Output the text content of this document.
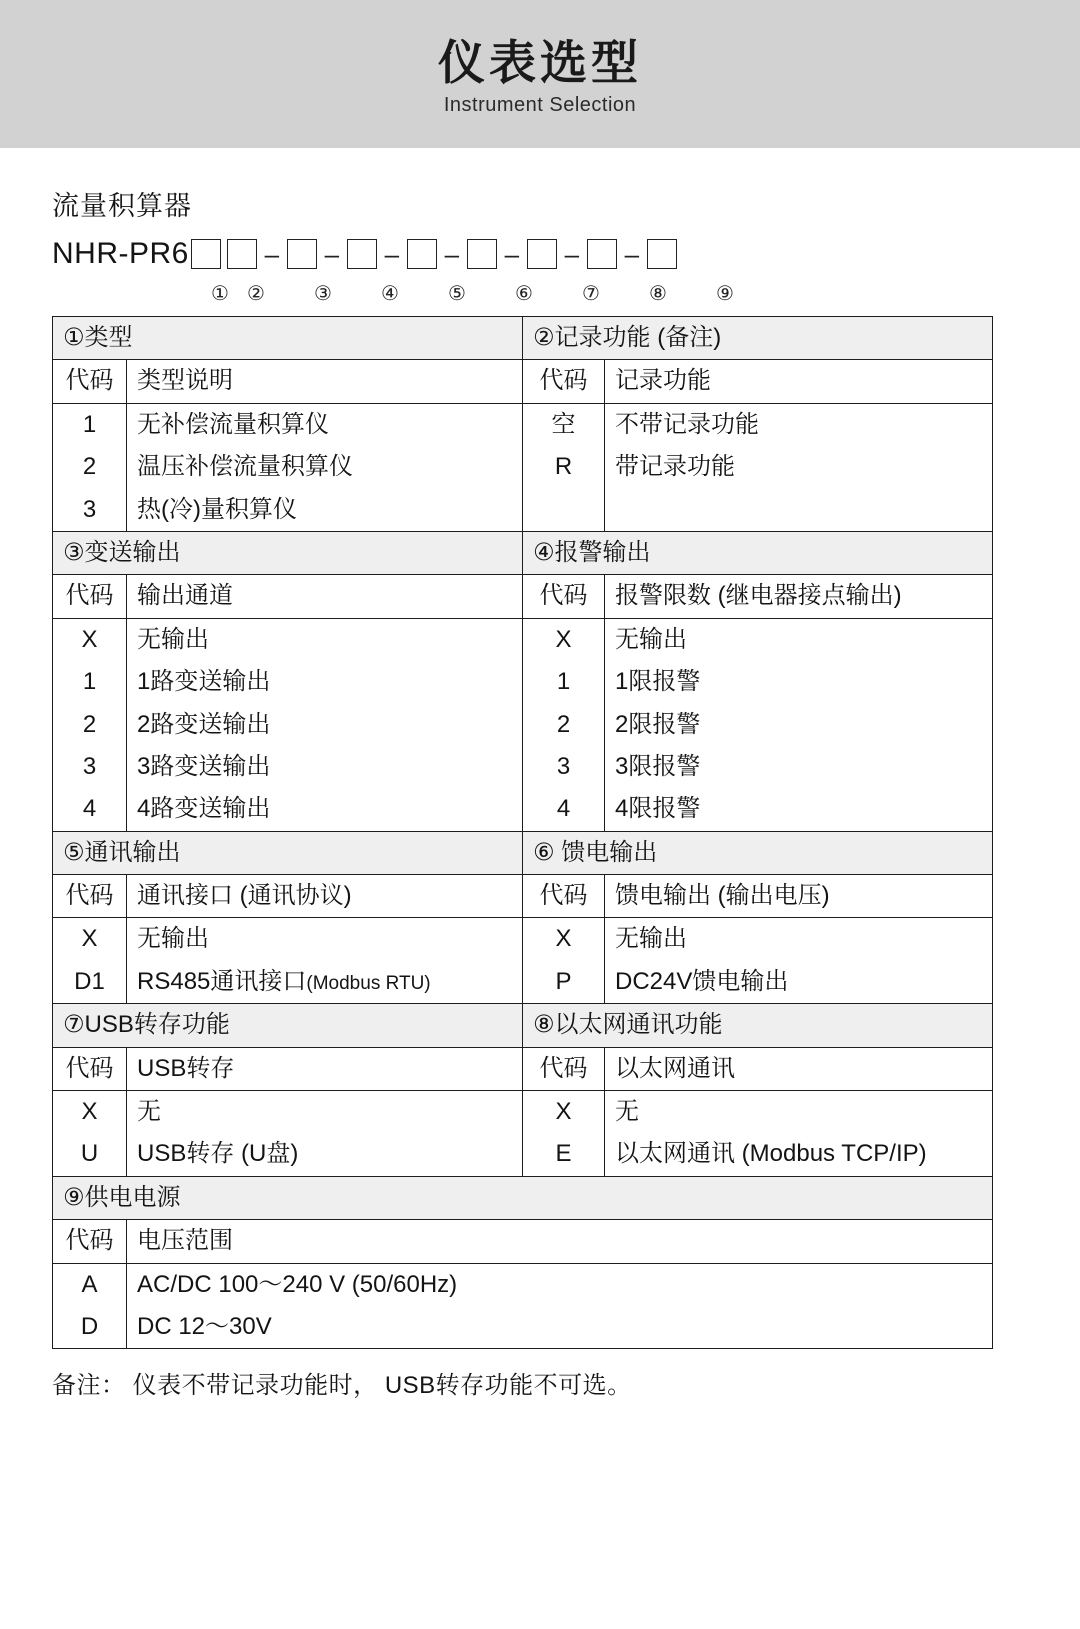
仪表选型
Instrument Selection
流量积算器
NHR-PR6	– – – – – – –
① ②	③	④	⑤	⑥	⑦	⑧	⑨
①类型		②记录功能 (备注)	
代码	类型说明	代码	记录功能
1	无补偿流量积算仪	空	不带记录功能
2	温压补偿流量积算仪	R	带记录功能
3	热(冷)量积算仪		
③变送输出		④报警输出	
代码	输出通道	代码	报警限数 (继电器接点输出)
X	无输出	X	无输出
1	1路变送输出	1	1限报警
2	2路变送输出	2	2限报警
3	3路变送输出	3	3限报警
4	4路变送输出	4	4限报警
⑤通讯输出		⑥ 馈电输出	
代码	通讯接口 (通讯协议)	代码	馈电输出 (输出电压)
X	无输出	X	无输出
D1	RS485通讯接口(Modbus RTU)	P	DC24V馈电输出
⑦USB转存功能		⑧以太网通讯功能	
代码	USB转存	代码	以太网通讯
X	无	X	无
U	USB转存 (U盘)	E	以太网通讯 (Modbus TCP/IP)
⑨供电电源			
代码	电压范围		
A	AC/DC 100～240 V (50/60Hz)		
D	DC 12～30V		
备注： 仪表不带记录功能时， USB转存功能不可选。
